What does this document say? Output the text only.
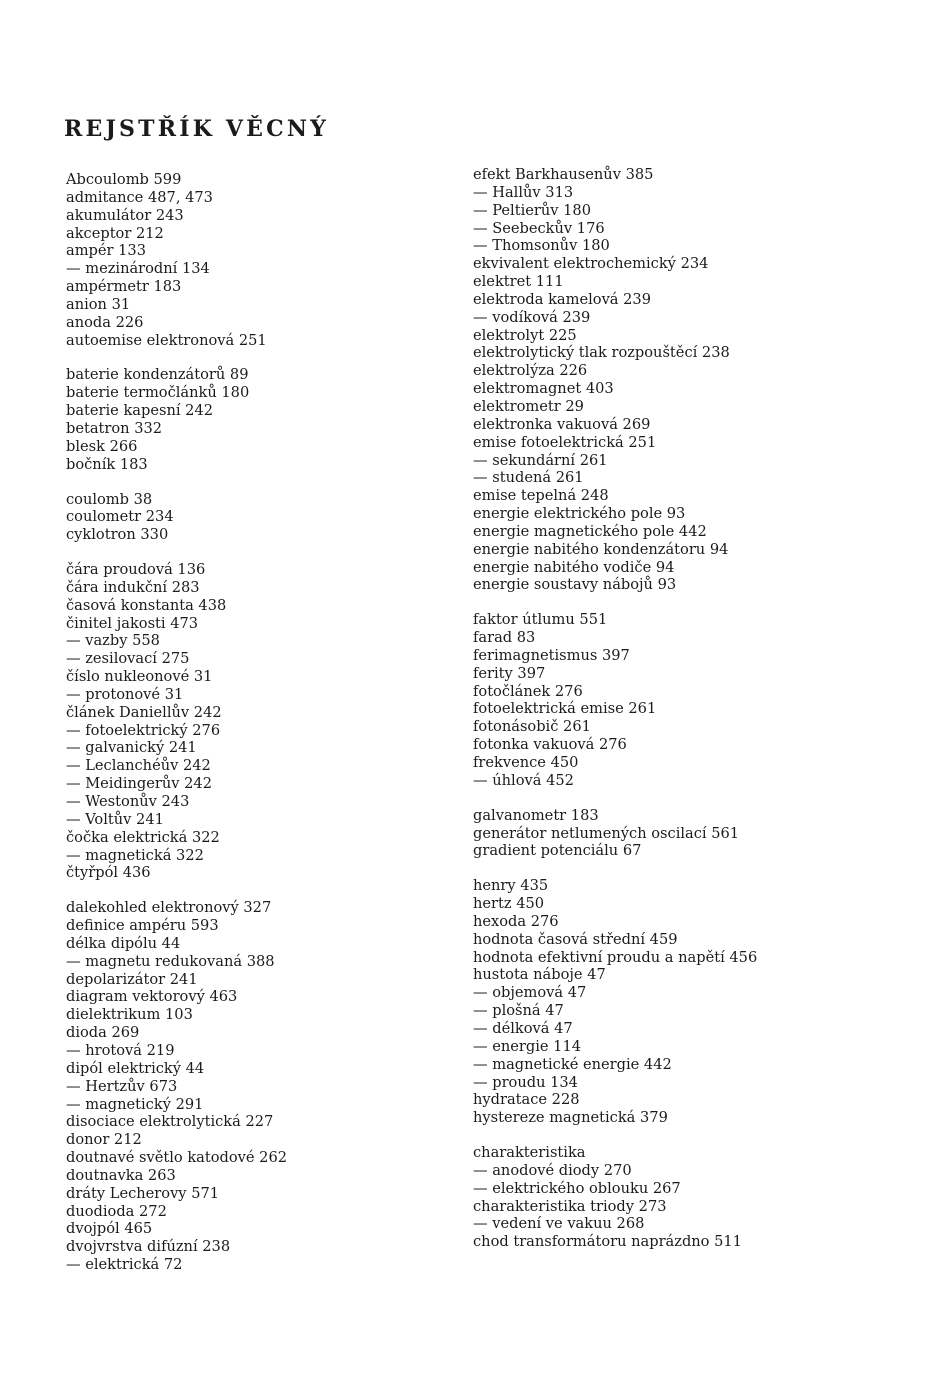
REJSTŘÍK VĚCNÝ
Abcoulomb 599
admitance 487, 473
akumulátor 243
akceptor 212
ampér 133
— mezinárodní 134
ampérmetr 183
anion 31
anoda 226
autoemise elektronová 251
baterie kondenzátorů 89
baterie termočlánků 180
baterie kapesní 242
betatron 332
blesk 266
bočník 183
coulomb 38
coulometr 234
cyklotron 330
čára proudová 136
čára indukční 283
časová konstanta 438
činitel jakosti 473
— vazby 558
— zesilovací 275
číslo nukleonové 31
— protonové 31
článek Daniellův 242
— fotoelektrický 276
— galvanický 241
— Leclanchéův 242
— Meidingerův 242
— Westonův 243
— Voltův 241
čočka elektrická 322
— magnetická 322
čtyřpól 436
dalekohled elektronový 327
definice ampéru 593
délka dipólu 44
— magnetu redukovaná 388
depolarizátor 241
diagram vektorový 463
dielektrikum 103
dioda 269
— hrotová 219
dipól elektrický 44
— Hertzův 673
— magnetický 291
disociace elektrolytická 227
donor 212
doutnavé světlo katodové 262
doutnavka 263
dráty Lecherovy 571
duodioda 272
dvojpól 465
dvojvrstva difúzní 238
— elektrická 72
efekt Barkhausenův 385
— Hallův 313
— Peltierův 180
— Seebeckův 176
— Thomsonův 180
ekvivalent elektrochemický 234
elektret 111
elektroda kamelová 239
— vodíková 239
elektrolyt 225
elektrolytický tlak rozpouštěcí 238
elektrolýza 226
elektromagnet 403
elektrometr 29
elektronka vakuová 269
emise fotoelektrická 251
— sekundární 261
— studená 261
emise tepelná 248
energie elektrického pole 93
energie magnetického pole 442
energie nabitého kondenzátoru 94
energie nabitého vodiče 94
energie soustavy nábojů 93
faktor útlumu 551
farad 83
ferimagnetismus 397
ferity 397
fotočlánek 276
fotoelektrická emise 261
fotonásobič 261
fotonka vakuová 276
frekvence 450
— úhlová 452
galvanometr 183
generátor netlumených oscilací 561
gradient potenciálu 67
henry 435
hertz 450
hexoda 276
hodnota časová střední 459
hodnota efektivní proudu a napětí 456
hustota náboje 47
— objemová 47
— plošná 47
— délková 47
— energie 114
— magnetické energie 442
— proudu 134
hydratace 228
hystereze magnetická 379
charakteristika
— anodové diody 270
— elektrického oblouku 267
charakteristika triody 273
— vedení ve vakuu 268
chod transformátoru naprázdno 511
